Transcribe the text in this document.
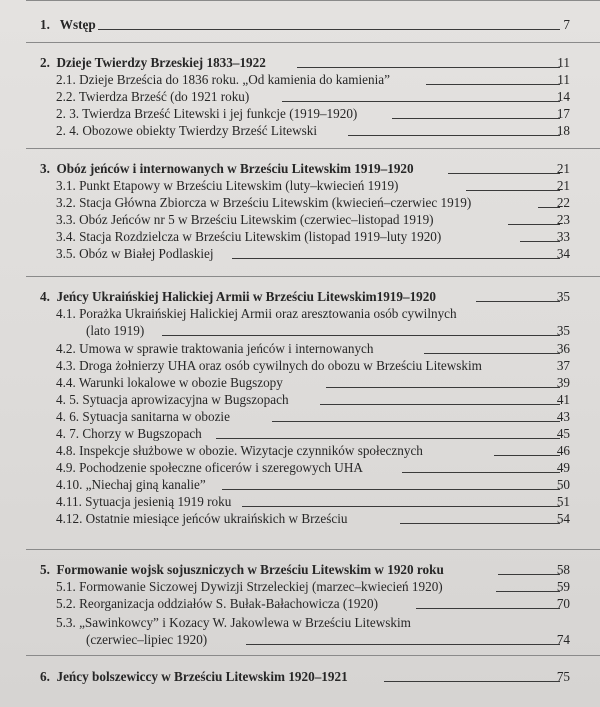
1.   Wstęp	7
2.  Dzieje Twierdzy Brzeskiej 1833–1922	11
2.1. Dzieje Brześcia do 1836 roku. „Od kamienia do kamienia”	11
2.2. Twierdza Brześć (do 1921 roku)	14
2. 3. Twierdza Brześć Litewski i jej funkcje (1919–1920)	17
2. 4. Obozowe obiekty Twierdzy Brześć Litewski	18
3.  Obóz jeńców i internowanych w Brześciu Litewskim 1919–1920	21
3.1. Punkt Etapowy w Brześciu Litewskim (luty–kwiecień 1919)	21
3.2. Stacja Główna Zbiorcza w Brześciu Litewskim (kwiecień–czerwiec 1919)	22
3.3. Obóz Jeńców nr 5 w Brześciu Litewskim (czerwiec–listopad 1919)	23
3.4. Stacja Rozdzielcza w Brześciu Litewskim (listopad 1919–luty 1920)	33
3.5. Obóz w Białej Podlaskiej	34
4.  Jeńcy Ukraińskiej Halickiej Armii w Brześciu Litewskim1919–1920	35
4.1. Porażka Ukraińskiej Halickiej Armii oraz aresztowania osób cywilnych
(lato 1919)	35
4.2. Umowa w sprawie traktowania jeńców i internowanych	36
4.3. Droga żołnierzy UHA oraz osób cywilnych do obozu w Brześciu Litewskim	37
4.4. Warunki lokalowe w obozie Bugszopy	39
4. 5. Sytuacja aprowizacyjna w Bugszopach	41
4. 6. Sytuacja sanitarna w obozie	43
4. 7. Chorzy w Bugszopach	45
4.8. Inspekcje służbowe w obozie. Wizytacje czynników społecznych	46
4.9. Pochodzenie społeczne oficerów i szeregowych UHA	49
4.10. „Niechaj giną kanalie”	50
4.11. Sytuacja jesienią 1919 roku	51
4.12. Ostatnie miesiące jeńców ukraińskich w Brześciu	54
5.  Formowanie wojsk sojuszniczych w Brześciu Litewskim w 1920 roku	58
5.1. Formowanie Siczowej Dywizji Strzeleckiej (marzec–kwiecień 1920)	59
5.2. Reorganizacja oddziałów S. Bułak-Bałachowicza (1920)	70
5.3. „Sawinkowcy” i Kozacy W. Jakowlewa w Brześciu Litewskim
(czerwiec–lipiec 1920)	74
6.  Jeńcy bolszewiccy w Brześciu Litewskim 1920–1921	75
